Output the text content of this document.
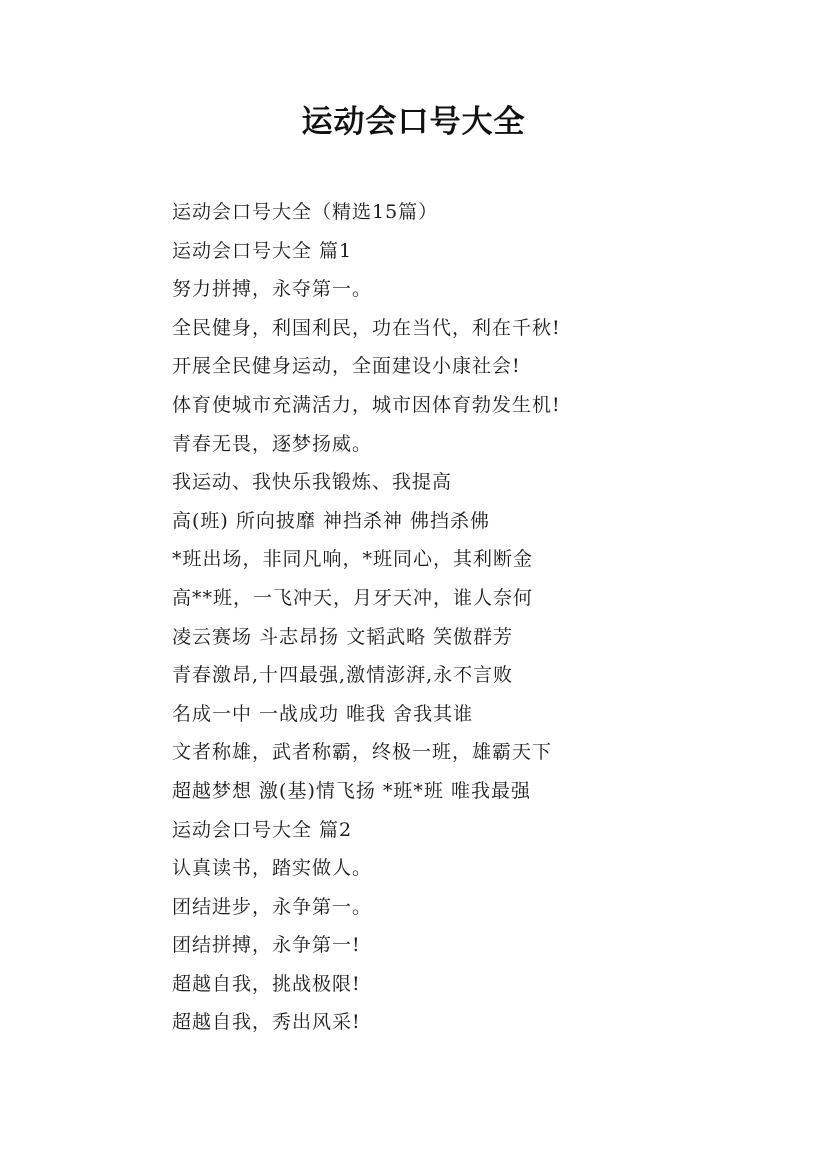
运动会口号大全
运动会口号大全（精选15篇）
运动会口号大全 篇1
努力拼搏，永夺第一。
全民健身，利国利民，功在当代，利在千秋!
开展全民健身运动，全面建设小康社会!
体育使城市充满活力，城市因体育勃发生机!
青春无畏，逐梦扬威。
我运动、我快乐我锻炼、我提高
高(班) 所向披靡 神挡杀神 佛挡杀佛
*班出场，非同凡响，*班同心，其利断金
高**班，一飞冲天，月牙天冲，谁人奈何
凌云赛场 斗志昂扬 文韬武略 笑傲群芳
青春激昂,十四最强,激情澎湃,永不言败
名成一中 一战成功 唯我 舍我其谁
文者称雄，武者称霸，终极一班，雄霸天下
超越梦想 激(基)情飞扬 *班*班 唯我最强
运动会口号大全 篇2
认真读书，踏实做人。
团结进步，永争第一。
团结拼搏，永争第一!
超越自我，挑战极限!
超越自我，秀出风采!
